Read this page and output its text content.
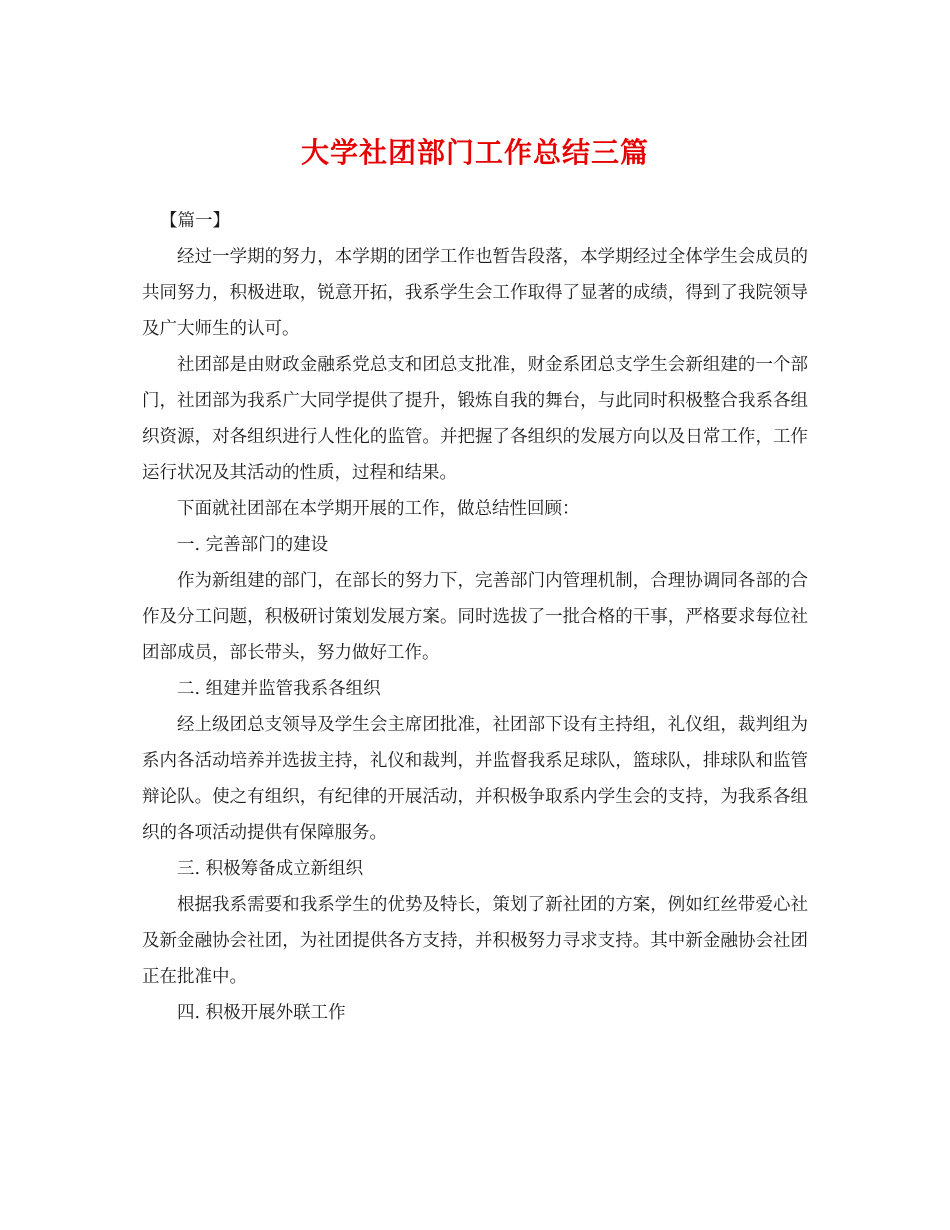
大学社团部门工作总结三篇

【篇一】

经过一学期的努力，本学期的团学工作也暂告段落，本学期经过全体学生会成员的共同努力，积极进取，锐意开拓，我系学生会工作取得了显著的成绩，得到了我院领导及广大师生的认可。

社团部是由财政金融系党总支和团总支批准，财金系团总支学生会新组建的一个部门，社团部为我系广大同学提供了提升，锻炼自我的舞台，与此同时积极整合我系各组织资源，对各组织进行人性化的监管。并把握了各组织的发展方向以及日常工作，工作运行状况及其活动的性质，过程和结果。

下面就社团部在本学期开展的工作，做总结性回顾：

一. 完善部门的建设

作为新组建的部门，在部长的努力下，完善部门内管理机制，合理协调同各部的合作及分工问题，积极研讨策划发展方案。同时选拔了一批合格的干事，严格要求每位社团部成员，部长带头，努力做好工作。

二. 组建并监管我系各组织

经上级团总支领导及学生会主席团批准，社团部下设有主持组，礼仪组，裁判组为系内各活动培养并选拔主持，礼仪和裁判，并监督我系足球队，篮球队，排球队和监管辩论队。使之有组织，有纪律的开展活动，并积极争取系内学生会的支持，为我系各组织的各项活动提供有保障服务。

三. 积极筹备成立新组织

根据我系需要和我系学生的优势及特长，策划了新社团的方案，例如红丝带爱心社及新金融协会社团，为社团提供各方支持，并积极努力寻求支持。其中新金融协会社团正在批准中。

四. 积极开展外联工作
